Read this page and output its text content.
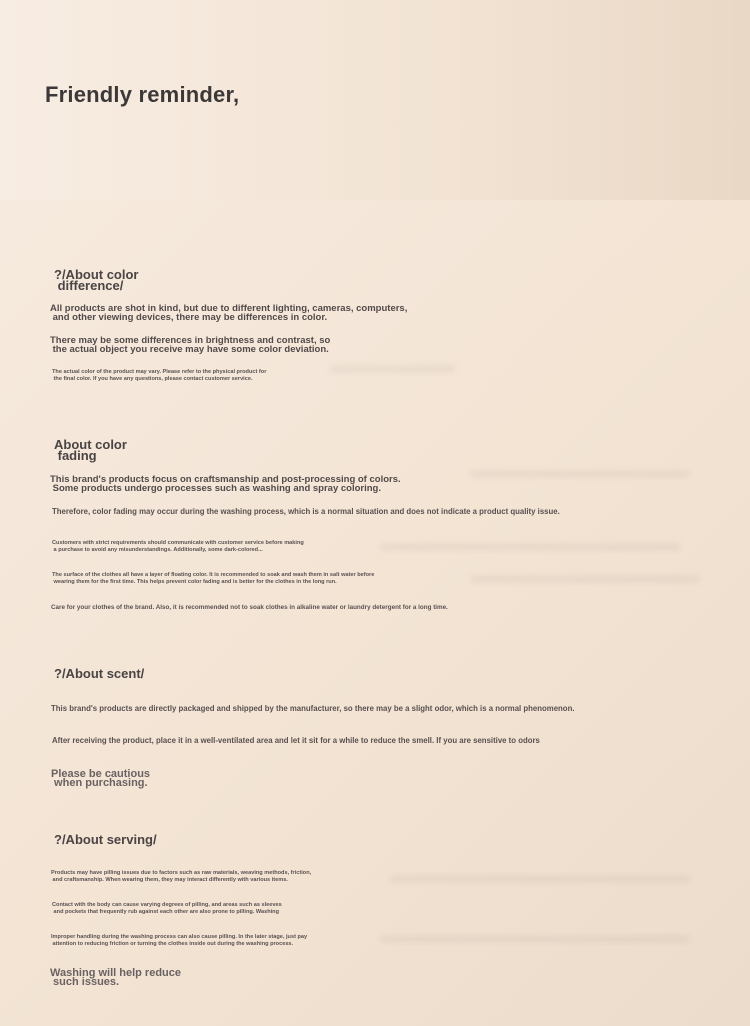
Friendly reminder,

?/About color
difference/

All products are shot in kind, but due to different lighting, cameras, computers,
and other viewing devices, there may be differences in color.

There may be some differences in brightness and contrast, so
the actual object you receive may have some color deviation.

The actual color of the product may vary. Please refer to the physical product for
the final color. If you have any questions, please contact customer service.

About color
fading

This brand's products focus on craftsmanship and post-processing of colors.
Some products undergo processes such as washing and spray coloring.

Therefore, color fading may occur during the washing process, which is a normal situation and does not indicate a product quality issue.

Customers with strict requirements should communicate with customer service before making
a purchase to avoid any misunderstandings. Additionally, some dark-colored...

The surface of the clothes all have a layer of floating color. It is recommended to soak and wash them in salt water before
wearing them for the first time. This helps prevent color fading and is better for the clothes in the long run.

Care for your clothes of the brand. Also, it is recommended not to soak clothes in alkaline water or laundry detergent for a long time.

?/About scent/

This brand's products are directly packaged and shipped by the manufacturer, so there may be a slight odor, which is a normal phenomenon.

After receiving the product, place it in a well-ventilated area and let it sit for a while to reduce the smell. If you are sensitive to odors

Please be cautious
when purchasing.

?/About serving/

Products may have pilling issues due to factors such as raw materials, weaving methods, friction,
and craftsmanship. When wearing them, they may interact differently with various items.

Contact with the body can cause varying degrees of pilling, and areas such as sleeves
and pockets that frequently rub against each other are also prone to pilling. Washing

Improper handling during the washing process can also cause pilling. In the later stage, just pay
attention to reducing friction or turning the clothes inside out during the washing process.

Washing will help reduce
such issues.
